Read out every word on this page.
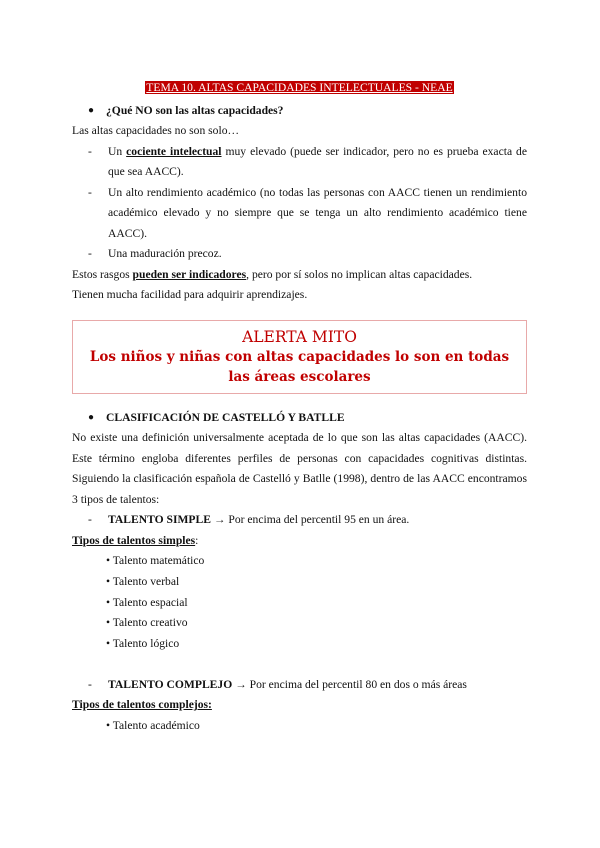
TEMA 10. ALTAS CAPACIDADES INTELECTUALES - NEAE
● ¿Qué NO son las altas capacidades?

Las altas capacidades no son solo…

- Un cociente intelectual muy elevado (puede ser indicador, pero no es prueba exacta de que sea AACC).
- Un alto rendimiento académico (no todas las personas con AACC tienen un rendimiento académico elevado y no siempre que se tenga un alto rendimiento académico tiene AACC).
- Una maduración precoz.

Estos rasgos pueden ser indicadores, pero por sí solos no implican altas capacidades.

Tienen mucha facilidad para adquirir aprendizajes.

ALERTA MITO
Los niños y niñas con altas capacidades lo son en todas las áreas escolares
● CLASIFICACIÓN DE CASTELLÓ Y BATLLE

No existe una definición universalmente aceptada de lo que son las altas capacidades (AACC). Este término engloba diferentes perfiles de personas con capacidades cognitivas distintas. Siguiendo la clasificación española de Castelló y Batlle (1998), dentro de las AACC encontramos 3 tipos de talentos:

- TALENTO SIMPLE → Por encima del percentil 95 en un área.

Tipos de talentos simples:

• Talento matemático
• Talento verbal
• Talento espacial
• Talento creativo
• Talento lógico
- TALENTO COMPLEJO → Por encima del percentil 80 en dos o más áreas

Tipos de talentos complejos:

• Talento académico
